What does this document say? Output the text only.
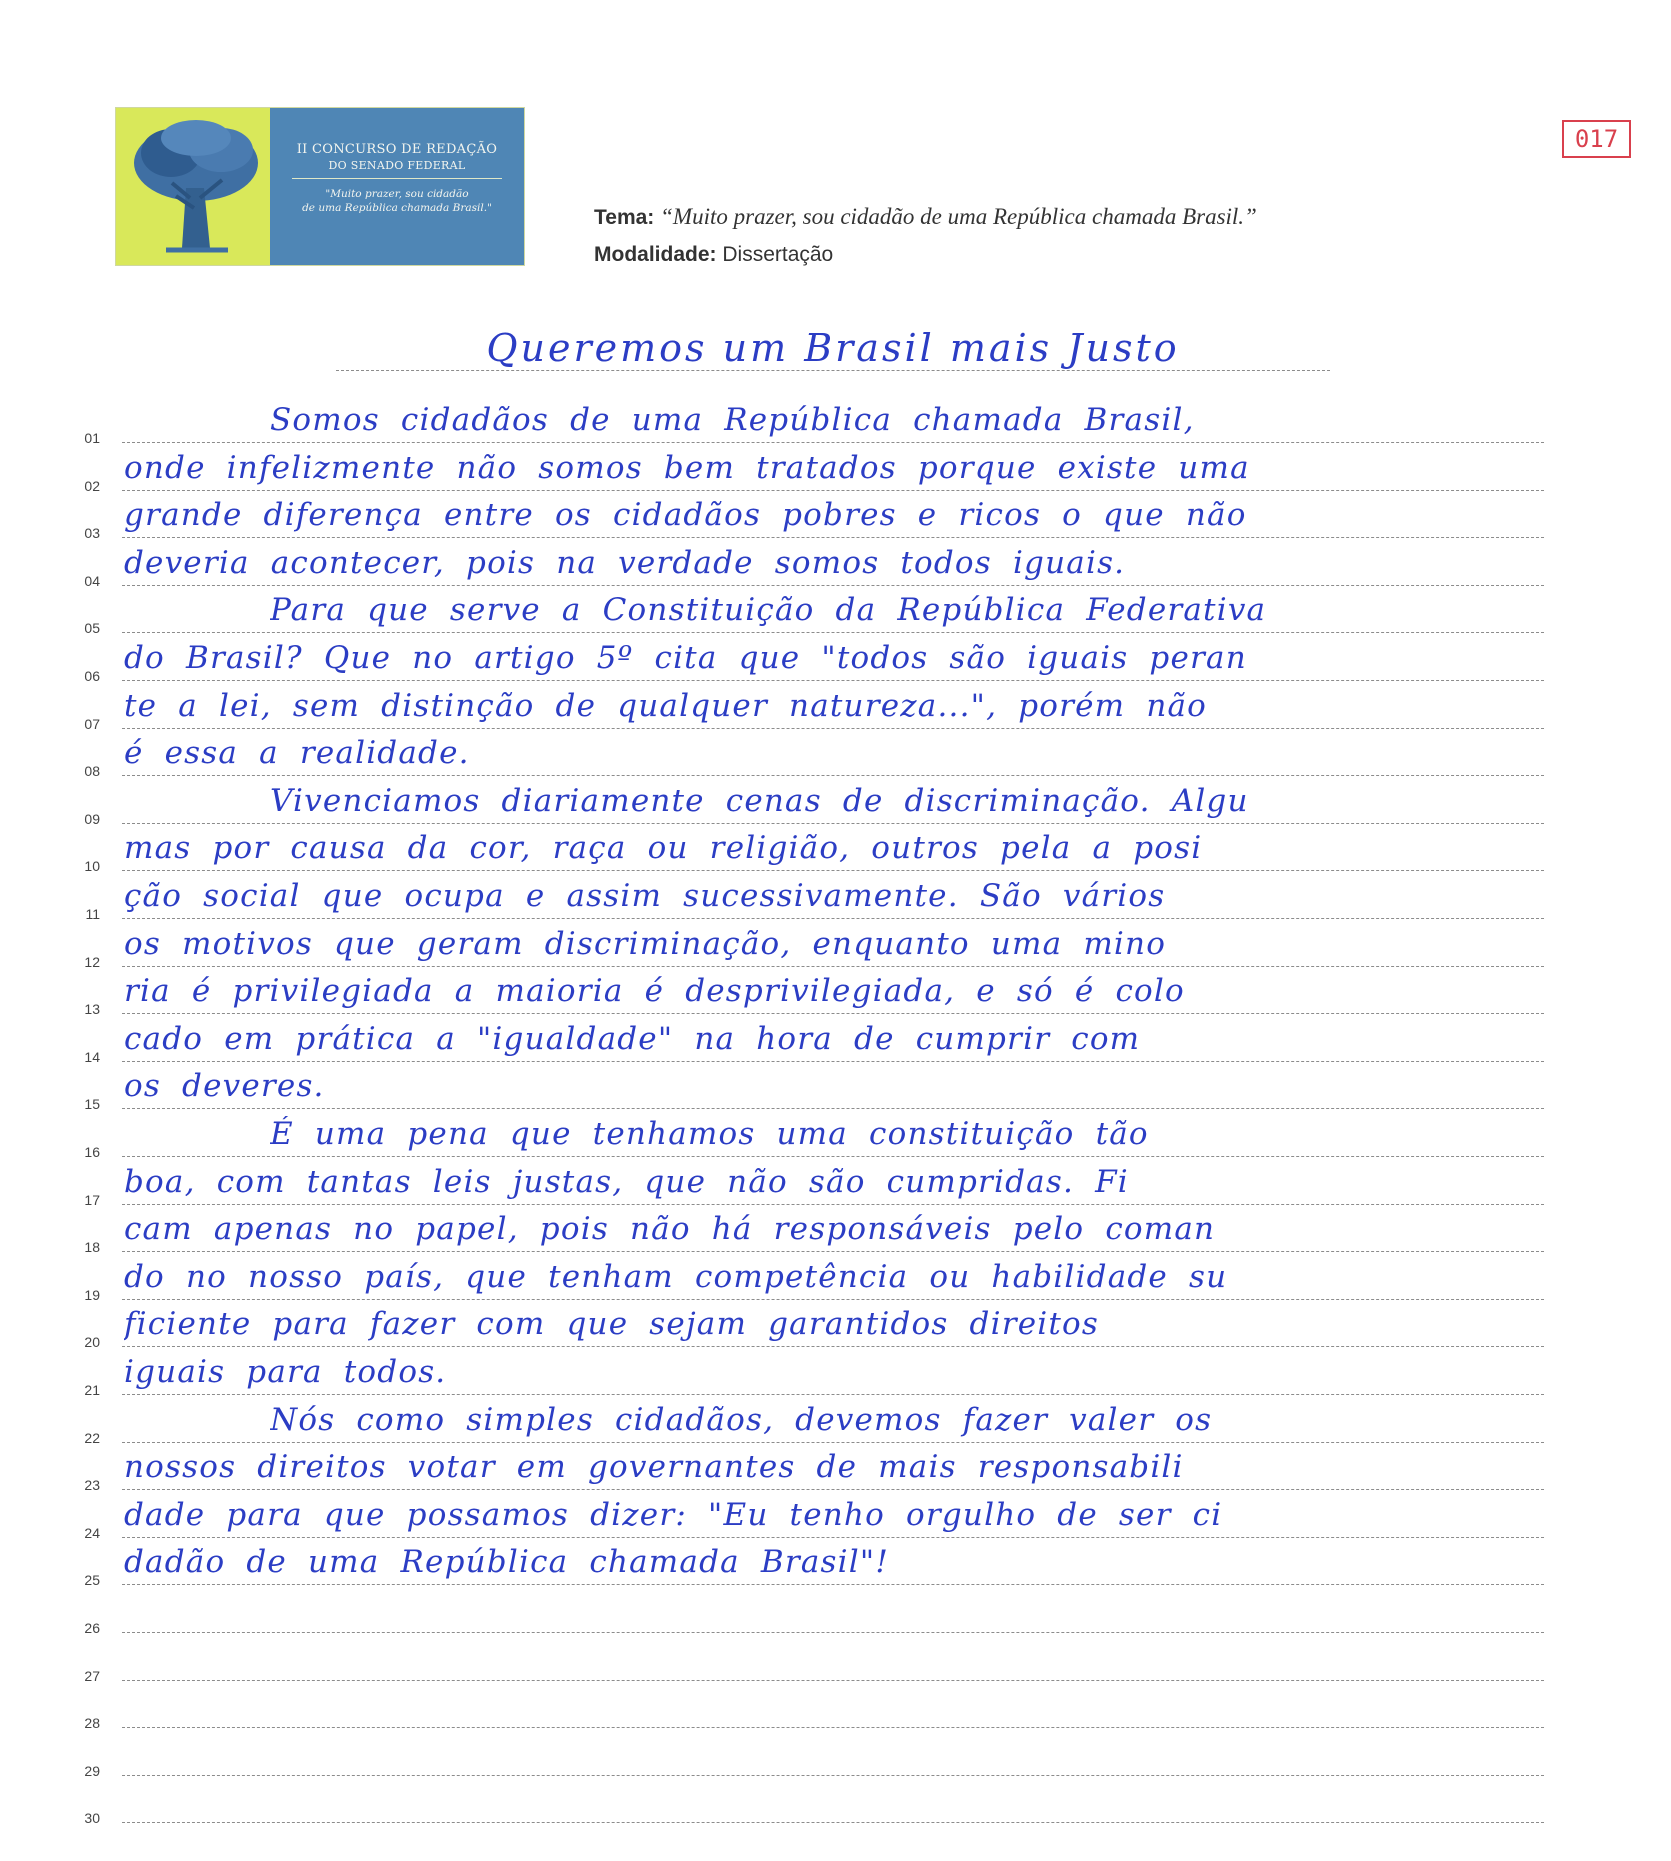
II CONCURSO DE REDAÇÃO
DO SENADO FEDERAL
"Muito prazer, sou cidadão
de uma República chamada Brasil."
017
Tema: “Muito prazer, sou cidadão de uma República chamada Brasil.”
Modalidade: Dissertação
Queremos um Brasil mais Justo
01	Somos cidadãos de uma República chamada Brasil,
02 onde infelizmente não somos bem tratados porque existe uma
03 grande diferença entre os cidadãos pobres e ricos o que não
04 deveria acontecer, pois na verdade somos todos iguais.
05	Para que serve a Constituição da República Federativa
06 do Brasil? Que no artigo 5º cita que "todos são iguais peran
07 te a lei, sem distinção de qualquer natureza...", porém não
08 é essa a realidade.
09	Vivenciamos diariamente cenas de discriminação. Algu
10 mas por causa da cor, raça ou religião, outros pela a posi
11 ção social que ocupa e assim sucessivamente. São vários
12 os motivos que geram discriminação, enquanto uma mino
13 ria é privilegiada a maioria é desprivilegiada, e só é colo
14 cado em prática a "igualdade" na hora de cumprir com
15 os deveres.
16	É uma pena que tenhamos uma constituição tão
17 boa, com tantas leis justas, que não são cumpridas. Fi
18 cam apenas no papel, pois não há responsáveis pelo coman
19 do no nosso país, que tenham competência ou habilidade su
20 ficiente para fazer com que sejam garantidos direitos
21 iguais para todos.
22	Nós como simples cidadãos, devemos fazer valer os
23 nossos direitos votar em governantes de mais responsabili
24 dade para que possamos dizer: "Eu tenho orgulho de ser ci
25 dadão de uma República chamada Brasil"!
26
27
28
29
30
